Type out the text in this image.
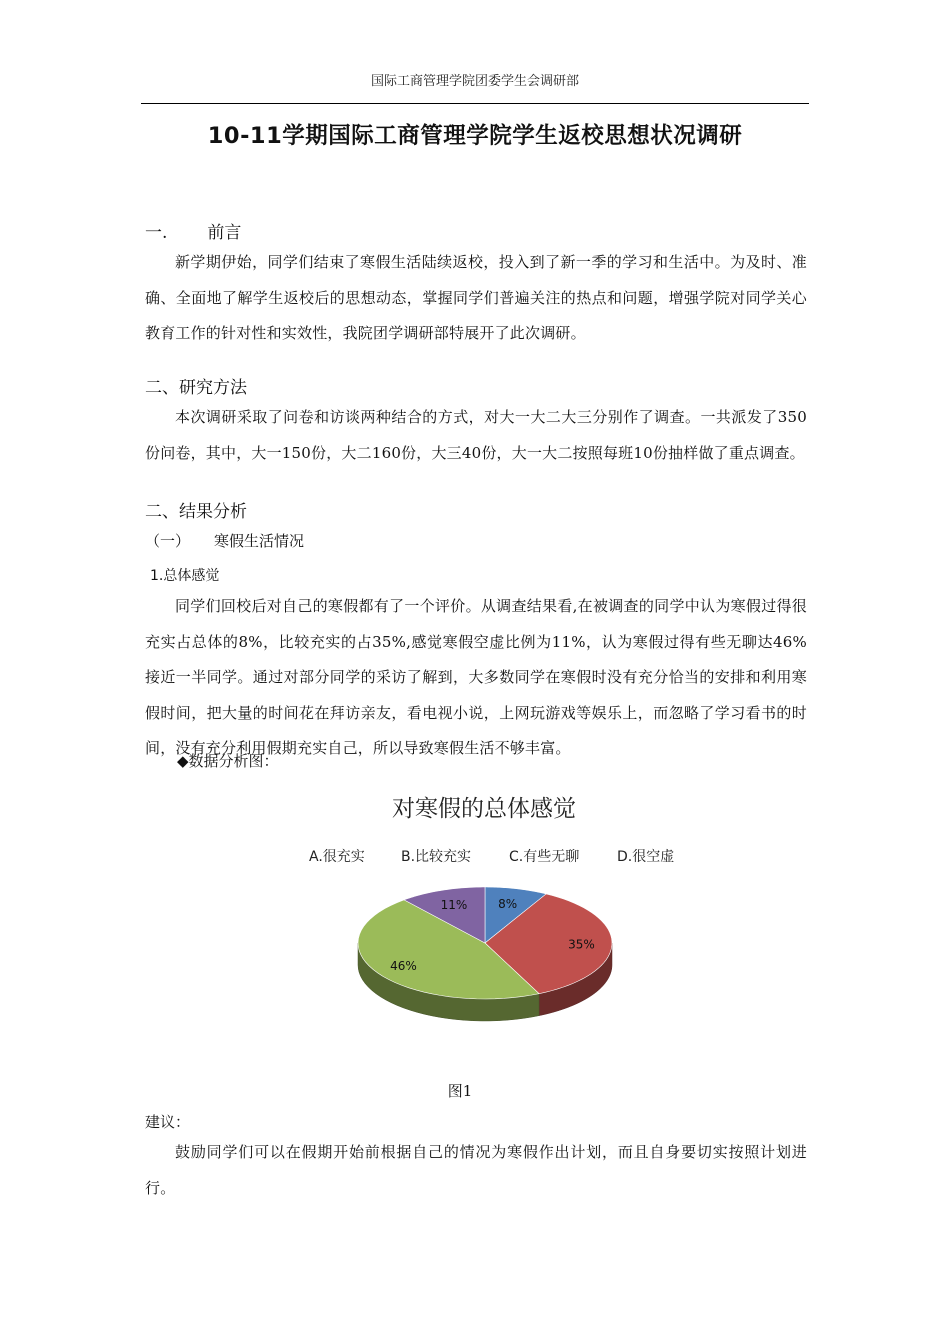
国际工商管理学院团委学生会调研部
10-11学期国际工商管理学院学生返校思想状况调研
一. 前言
新学期伊始，同学们结束了寒假生活陆续返校，投入到了新一季的学习和生活中。为及时、准确、全面地了解学生返校后的思想动态，掌握同学们普遍关注的热点和问题，增强学院对同学关心教育工作的针对性和实效性，我院团学调研部特展开了此次调研。
二、研究方法
本次调研采取了问卷和访谈两种结合的方式，对大一大二大三分别作了调查。一共派发了350份问卷，其中，大一150份，大二160份，大三40份，大一大二按照每班10份抽样做了重点调查。
二、结果分析
（一） 寒假生活情况
1.总体感觉
同学们回校后对自己的寒假都有了一个评价。从调查结果看,在被调查的同学中认为寒假过得很充实占总体的8%，比较充实的占35%,感觉寒假空虚比例为11%，认为寒假过得有些无聊达46%接近一半同学。通过对部分同学的采访了解到，大多数同学在寒假时没有充分恰当的安排和利用寒假时间，把大量的时间花在拜访亲友，看电视小说，上网玩游戏等娱乐上，而忽略了学习看书的时间，没有充分利用假期充实自己，所以导致寒假生活不够丰富。
◆数据分析图：
对寒假的总体感觉
A.很充实	B.比较充实	C.有些无聊	D.很空虚
8%
35%
46%
11%
图1
建议：
鼓励同学们可以在假期开始前根据自己的情况为寒假作出计划，而且自身要切实按照计划进行。
